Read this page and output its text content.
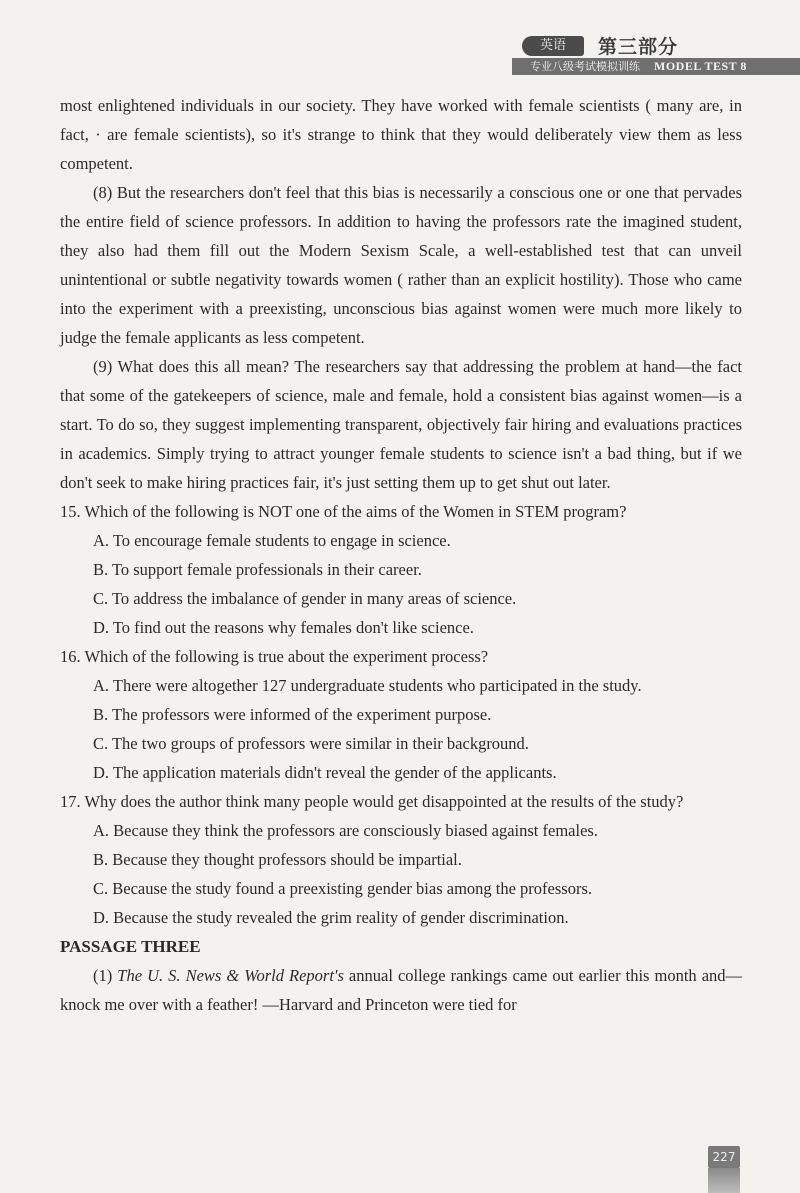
英语	第三部分
专业八级考试模拟训练 MODEL TEST 8

most enlightened individuals in our society. They have worked with female scientists ( many are, in fact, · are female scientists), so it's strange to think that they would deliberately view them as less competent.

(8) But the researchers don't feel that this bias is necessarily a conscious one or one that pervades the entire field of science professors. In addition to having the professors rate the imagined student, they also had them fill out the Modern Sexism Scale, a well-established test that can unveil unintentional or subtle negativity towards women ( rather than an explicit hostility). Those who came into the experiment with a preexisting, unconscious bias against women were much more likely to judge the female applicants as less competent.

(9) What does this all mean? The researchers say that addressing the problem at hand—the fact that some of the gatekeepers of science, male and female, hold a consistent bias against women—is a start. To do so, they suggest implementing transparent, objectively fair hiring and evaluations practices in academics. Simply trying to attract younger female students to science isn't a bad thing, but if we don't seek to make hiring practices fair, it's just setting them up to get shut out later.

15. Which of the following is NOT one of the aims of the Women in STEM program?

A. To encourage female students to engage in science.

B. To support female professionals in their career.

C. To address the imbalance of gender in many areas of science.

D. To find out the reasons why females don't like science.

16. Which of the following is true about the experiment process?

A. There were altogether 127 undergraduate students who participated in the study.

B. The professors were informed of the experiment purpose.

C. The two groups of professors were similar in their background.

D. The application materials didn't reveal the gender of the applicants.

17. Why does the author think many people would get disappointed at the results of the study?

A. Because they think the professors are consciously biased against females.

B. Because they thought professors should be impartial.

C. Because the study found a preexisting gender bias among the professors.

D. Because the study revealed the grim reality of gender discrimination.

PASSAGE THREE

(1) The U. S. News & World Report's annual college rankings came out earlier this month and—knock me over with a feather! —Harvard and Princeton were tied for

227
